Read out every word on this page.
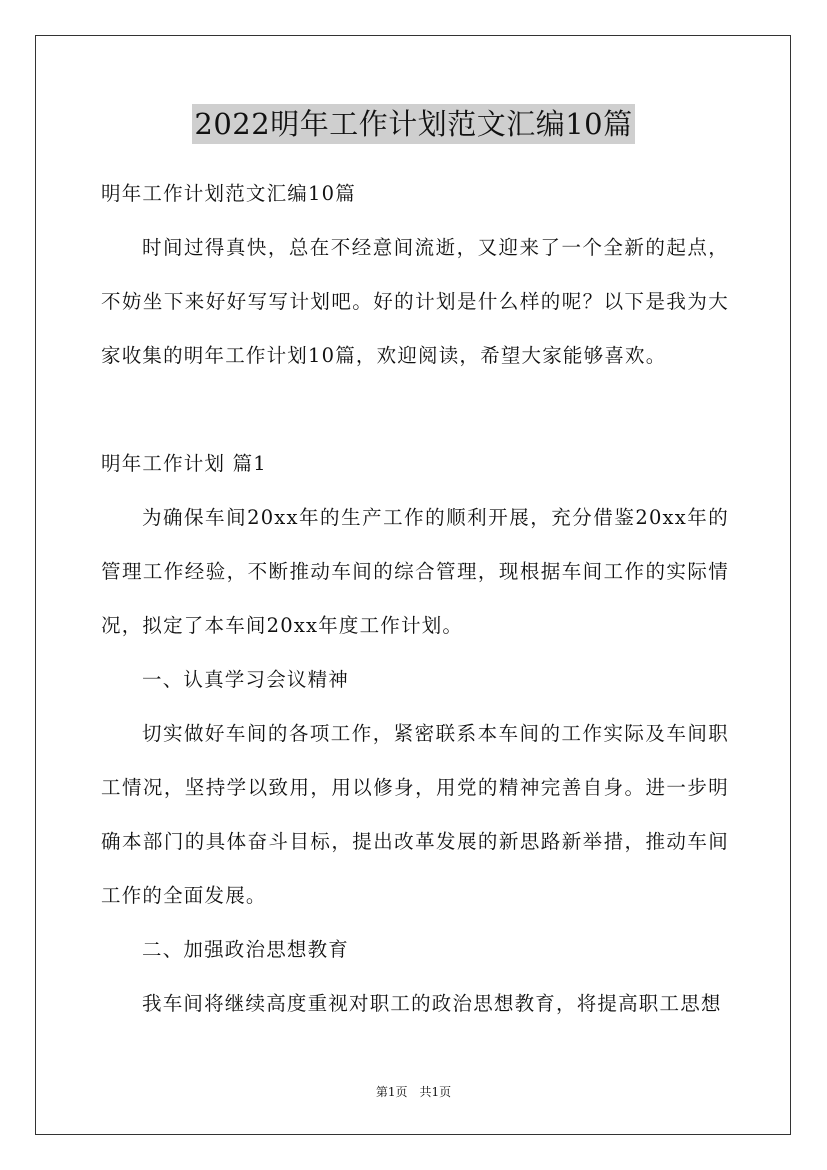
2022明年工作计划范文汇编10篇

明年工作计划范文汇编10篇

时间过得真快，总在不经意间流逝，又迎来了一个全新的起点，不妨坐下来好好写写计划吧。好的计划是什么样的呢？以下是我为大家收集的明年工作计划10篇，欢迎阅读，希望大家能够喜欢。

明年工作计划 篇1

为确保车间20xx年的生产工作的顺利开展，充分借鉴20xx年的管理工作经验，不断推动车间的综合管理，现根据车间工作的实际情况，拟定了本车间20xx年度工作计划。

一、认真学习会议精神

切实做好车间的各项工作，紧密联系本车间的工作实际及车间职工情况，坚持学以致用，用以修身，用党的精神完善自身。进一步明确本部门的具体奋斗目标，提出改革发展的新思路新举措，推动车间工作的全面发展。

二、加强政治思想教育

我车间将继续高度重视对职工的政治思想教育，将提高职工思想

第1页 共1页
